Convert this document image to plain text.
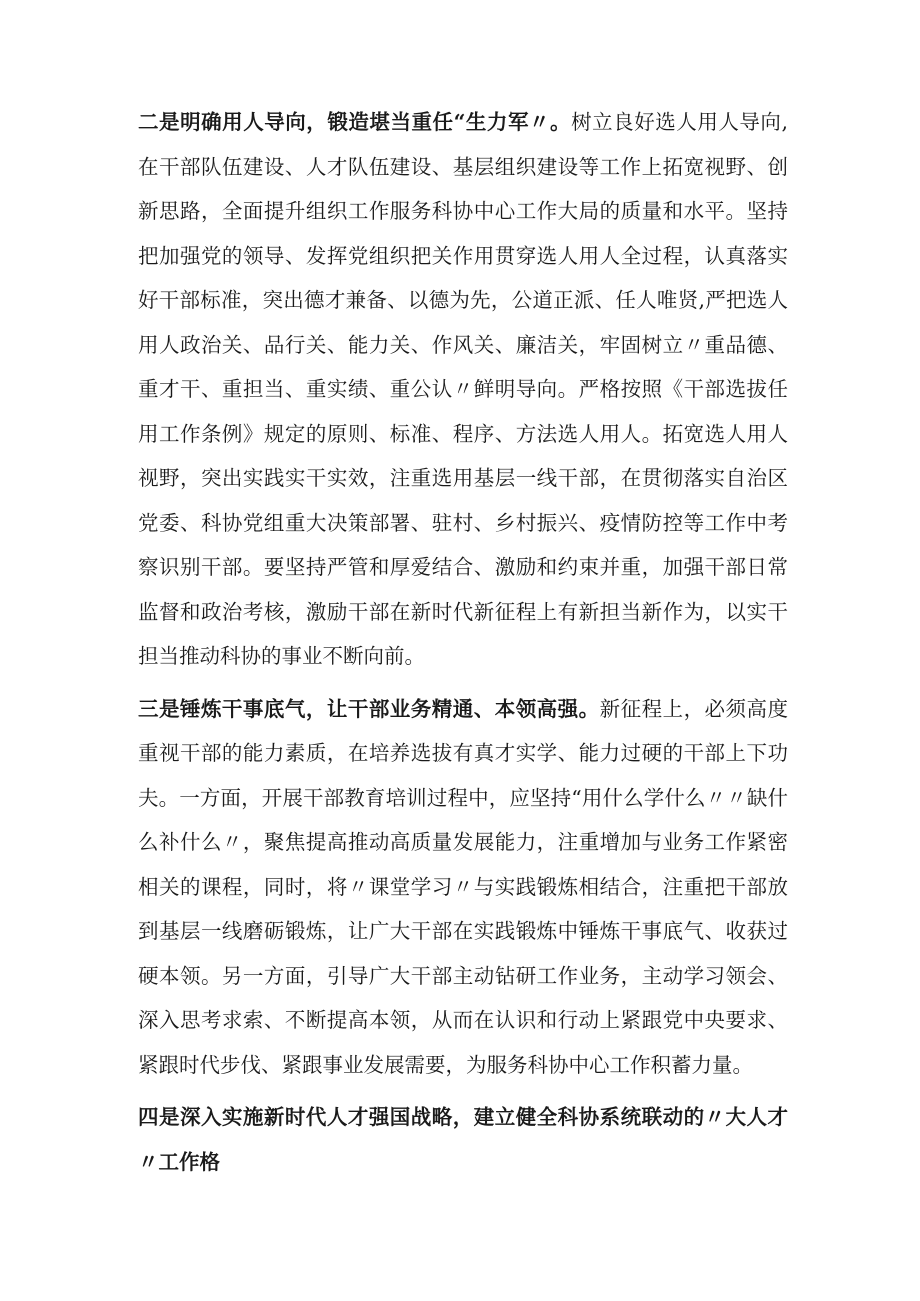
二是明确用人导向，锻造堪当重任“生力军〃。树立良好选人用人导向,在干部队伍建设、人才队伍建设、基层组织建设等工作上拓宽视野、创新思路，全面提升组织工作服务科协中心工作大局的质量和水平。坚持把加强党的领导、发挥党组织把关作用贯穿选人用人全过程，认真落实好干部标准，突出德才兼备、以德为先，公道正派、任人唯贤,严把选人用人政治关、品行关、能力关、作风关、廉洁关，牢固树立〃重品德、重才干、重担当、重实绩、重公认〃鲜明导向。严格按照《干部选拔任用工作条例》规定的原则、标准、程序、方法选人用人。拓宽选人用人视野，突出实践实干实效，注重选用基层一线干部，在贯彻落实自治区党委、科协党组重大决策部署、驻村、乡村振兴、疫情防控等工作中考察识别干部。要坚持严管和厚爱结合、激励和约束并重，加强干部日常监督和政治考核，激励干部在新时代新征程上有新担当新作为，以实干担当推动科协的事业不断向前。

三是锤炼干事底气，让干部业务精通、本领高强。新征程上，必须高度重视干部的能力素质，在培养选拔有真才实学、能力过硬的干部上下功夫。一方面，开展干部教育培训过程中，应坚持“用什么学什么〃〃缺什么补什么〃，聚焦提高推动高质量发展能力，注重增加与业务工作紧密相关的课程，同时，将〃课堂学习〃与实践锻炼相结合，注重把干部放到基层一线磨砺锻炼，让广大干部在实践锻炼中锤炼干事底气、收获过硬本领。另一方面，引导广大干部主动钻研工作业务，主动学习领会、深入思考求索、不断提高本领，从而在认识和行动上紧跟党中央要求、紧跟时代步伐、紧跟事业发展需要，为服务科协中心工作积蓄力量。

四是深入实施新时代人才强国战略，建立健全科协系统联动的〃大人才〃工作格
